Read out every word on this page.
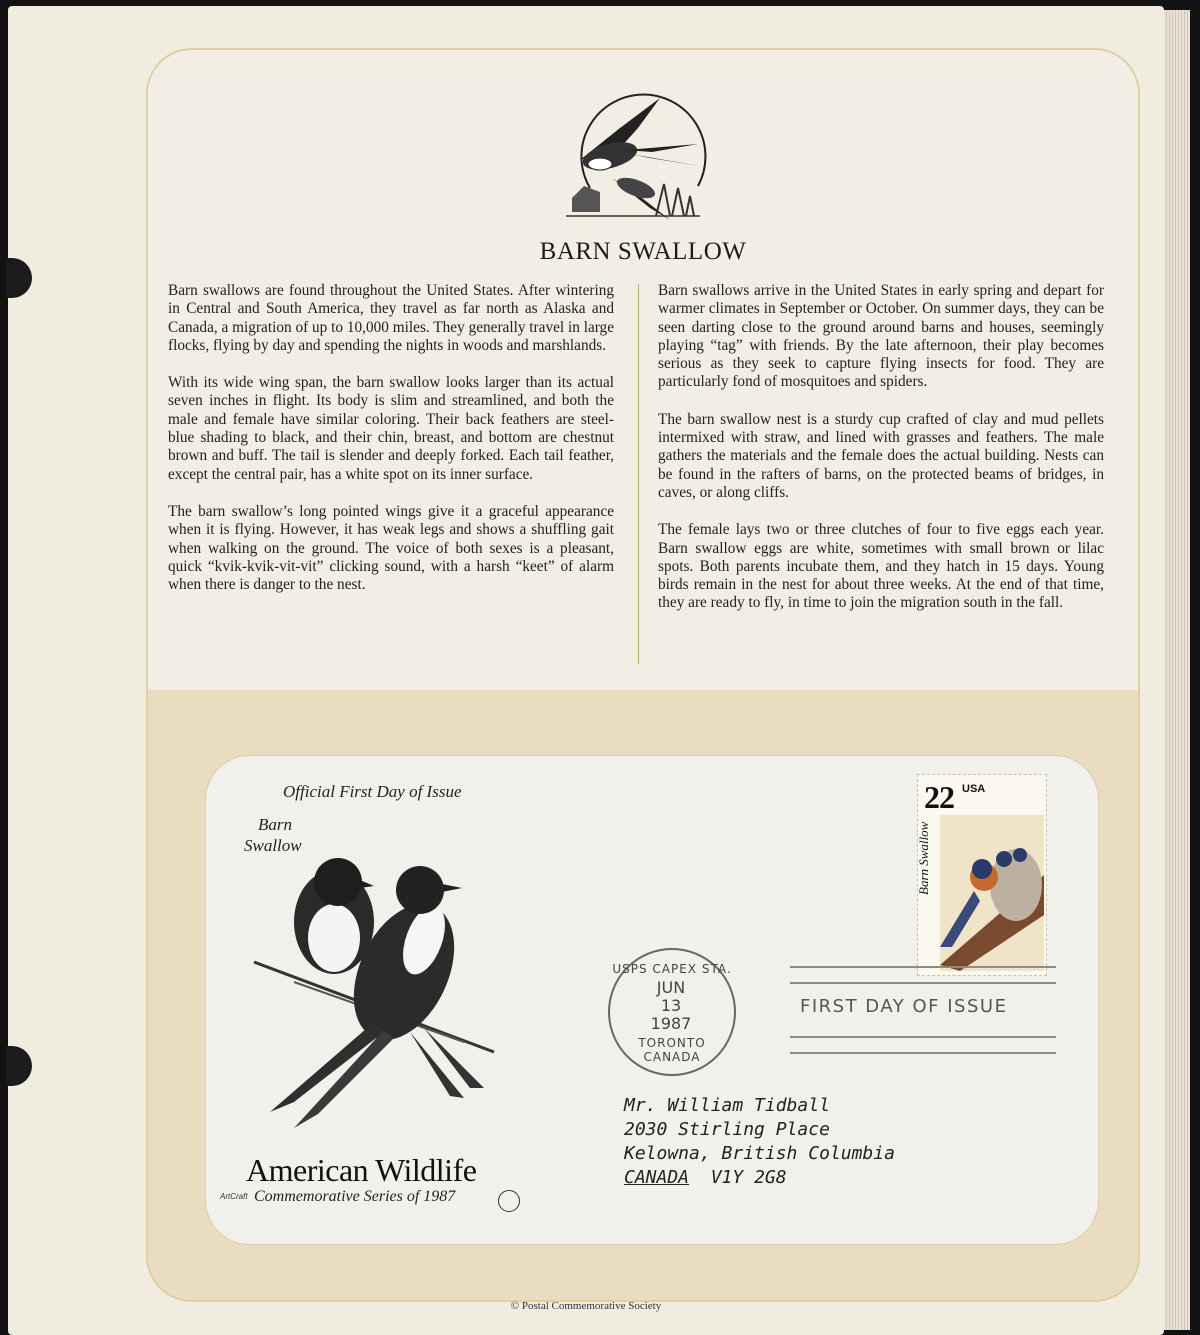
BARN SWALLOW

Barn swallows are found throughout the United States. After wintering in Central and South America, they travel as far north as Alaska and Canada, a migration of up to 10,000 miles. They generally travel in large flocks, flying by day and spending the nights in woods and marshlands.

With its wide wing span, the barn swallow looks larger than its actual seven inches in flight. Its body is slim and streamlined, and both the male and female have similar coloring. Their back feathers are steel-blue shading to black, and their chin, breast, and bottom are chestnut brown and buff. The tail is slender and deeply forked. Each tail feather, except the central pair, has a white spot on its inner surface.

The barn swallow’s long pointed wings give it a graceful appearance when it is flying. However, it has weak legs and shows a shuffling gait when walking on the ground. The voice of both sexes is a pleasant, quick “kvik-kvik-vit-vit” clicking sound, with a harsh “keet” of alarm when there is danger to the nest.

Barn swallows arrive in the United States in early spring and depart for warmer climates in September or October. On summer days, they can be seen darting close to the ground around barns and houses, seemingly playing “tag” with friends. By the late afternoon, their play becomes serious as they seek to capture flying insects for food. They are particularly fond of mosquitoes and spiders.

The barn swallow nest is a sturdy cup crafted of clay and mud pellets intermixed with straw, and lined with grasses and feathers. The male gathers the materials and the female does the actual building. Nests can be found in the rafters of barns, on the protected beams of bridges, in caves, or along cliffs.

The female lays two or three clutches of four to five eggs each year. Barn swallow eggs are white, sometimes with small brown or lilac spots. Both parents incubate them, and they hatch in 15 days. Young birds remain in the nest for about three weeks. At the end of that time, they are ready to fly, in time to join the migration south in the fall.

Official First Day of Issue
Barn
Swallow
American Wildlife
ArtCraft Commemorative Series of 1987
22 USA
Barn Swallow
FIRST DAY OF ISSUE
USPS CAPEX STA.
JUN
13
1987
TORONTO CANADA
Mr. William Tidball
2030 Stirling Place
Kelowna, British Columbia
CANADA V1Y 2G8
© Postal Commemorative Society
